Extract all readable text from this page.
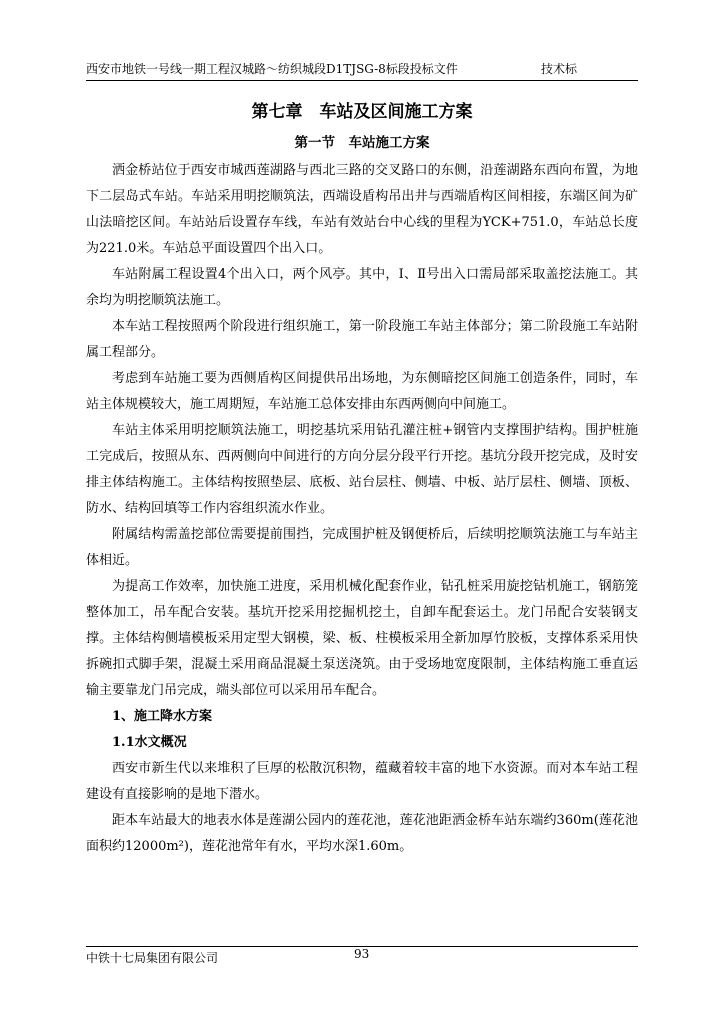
西安市地铁一号线一期工程汉城路～纺织城段D1TJSG-8标段投标文件	技术标
第七章　车站及区间施工方案
第一节　车站施工方案

洒金桥站位于西安市城西莲湖路与西北三路的交叉路口的东侧，沿莲湖路东西向布置，为地下二层岛式车站。车站采用明挖顺筑法，西端设盾构吊出井与西端盾构区间相接，东端区间为矿山法暗挖区间。车站站后设置存车线，车站有效站台中心线的里程为YCK+751.0，车站总长度为221.0米。车站总平面设置四个出入口。

车站附属工程设置4个出入口，两个风亭。其中，Ⅰ、Ⅱ号出入口需局部采取盖挖法施工。其余均为明挖顺筑法施工。

本车站工程按照两个阶段进行组织施工，第一阶段施工车站主体部分；第二阶段施工车站附属工程部分。

考虑到车站施工要为西侧盾构区间提供吊出场地，为东侧暗挖区间施工创造条件，同时，车站主体规模较大，施工周期短，车站施工总体安排由东西两侧向中间施工。

车站主体采用明挖顺筑法施工，明挖基坑采用钻孔灌注桩+钢管内支撑围护结构。围护桩施工完成后，按照从东、西两侧向中间进行的方向分层分段平行开挖。基坑分段开挖完成，及时安排主体结构施工。主体结构按照垫层、底板、站台层柱、侧墙、中板、站厅层柱、侧墙、顶板、防水、结构回填等工作内容组织流水作业。

附属结构需盖挖部位需要提前围挡，完成围护桩及钢便桥后，后续明挖顺筑法施工与车站主体相近。

为提高工作效率，加快施工进度，采用机械化配套作业，钻孔桩采用旋挖钻机施工，钢筋笼整体加工，吊车配合安装。基坑开挖采用挖掘机挖土，自卸车配套运土。龙门吊配合安装钢支撑。主体结构侧墙模板采用定型大钢模，梁、板、柱模板采用全新加厚竹胶板，支撑体系采用快拆碗扣式脚手架，混凝土采用商品混凝土泵送浇筑。由于受场地宽度限制，主体结构施工垂直运输主要靠龙门吊完成，端头部位可以采用吊车配合。

1、施工降水方案

1.1水文概况

西安市新生代以来堆积了巨厚的松散沉积物，蕴藏着较丰富的地下水资源。而对本车站工程建设有直接影响的是地下潜水。

距本车站最大的地表水体是莲湖公园内的莲花池，莲花池距洒金桥车站东端约360m(莲花池面积约12000m²)，莲花池常年有水，平均水深1.60m。

中铁十七局集团有限公司	93
